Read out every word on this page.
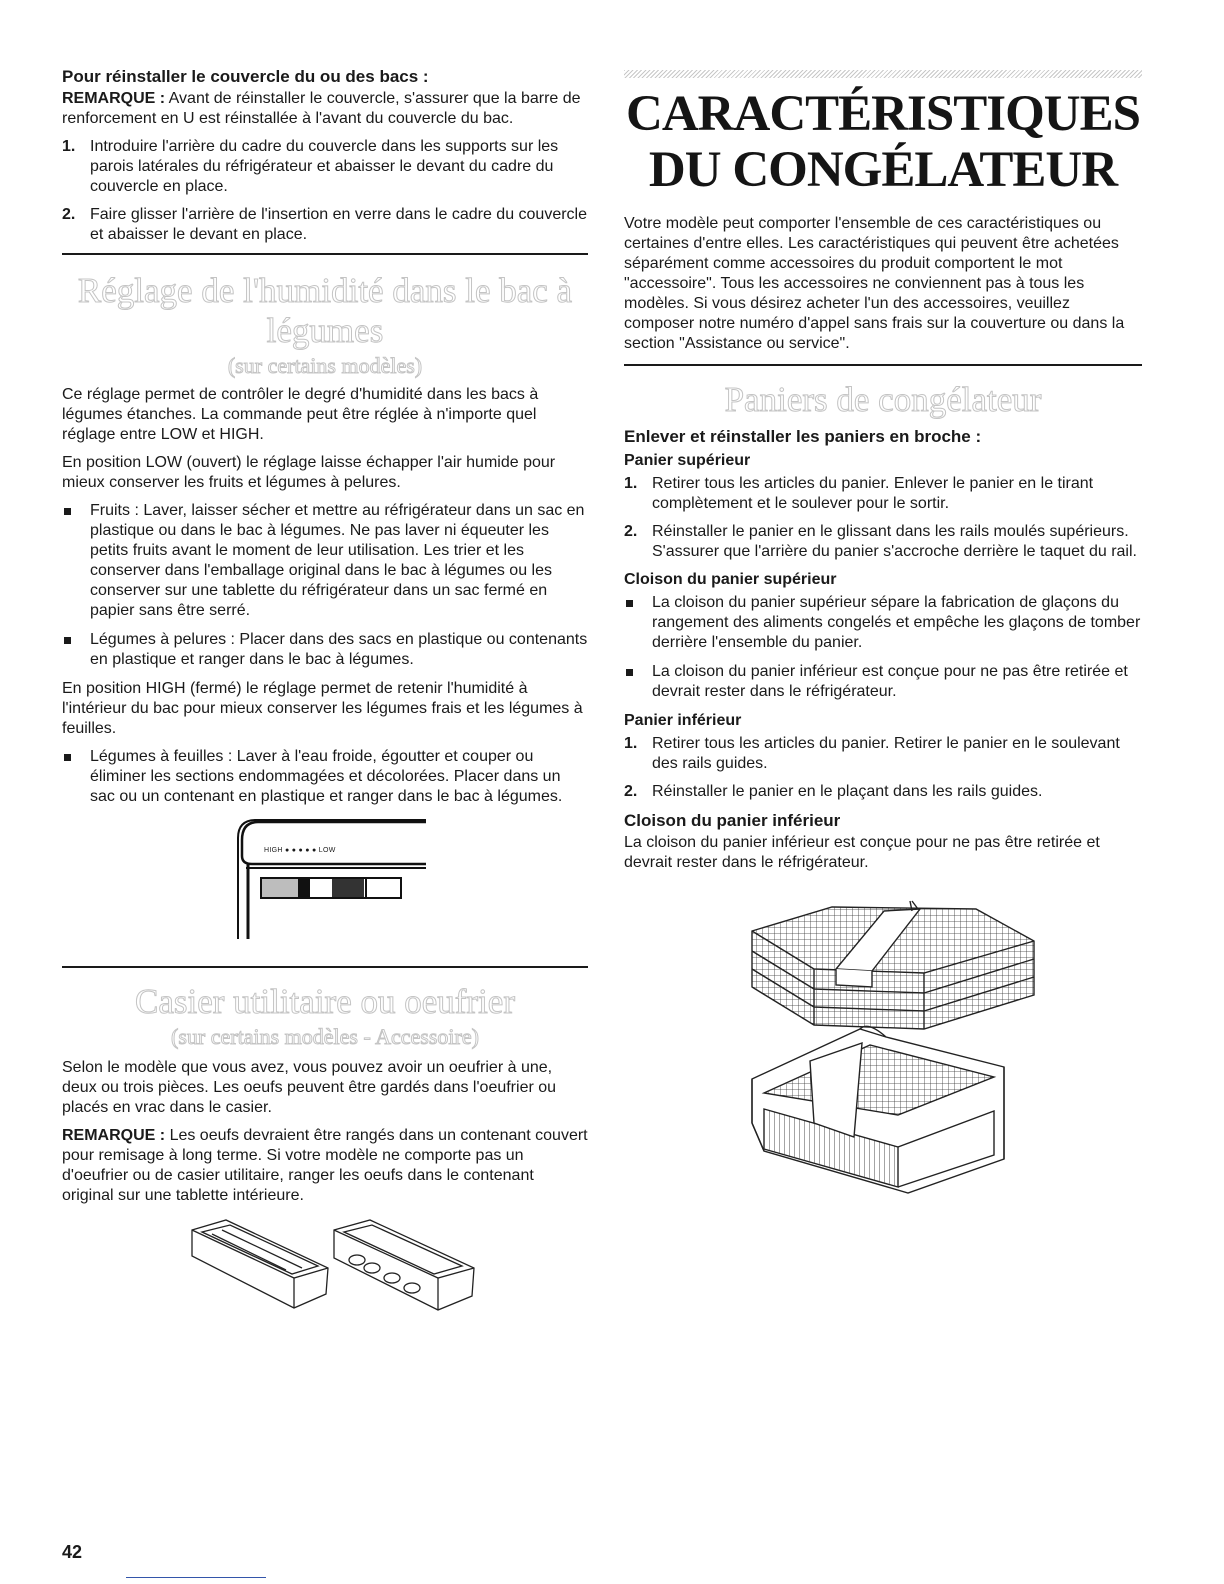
Pour réinstaller le couvercle du ou des bacs :

REMARQUE : Avant de réinstaller le couvercle, s'assurer que la barre de renforcement en U est réinstallée à l'avant du couvercle du bac.

1. Introduire l'arrière du cadre du couvercle dans les supports sur les parois latérales du réfrigérateur et abaisser le devant du cadre du couvercle en place.
2. Faire glisser l'arrière de l'insertion en verre dans le cadre du couvercle et abaisser le devant en place.
Réglage de l'humidité dans le bac à légumes
(sur certains modèles)

Ce réglage permet de contrôler le degré d'humidité dans les bacs à légumes étanches. La commande peut être réglée à n'importe quel réglage entre LOW et HIGH.

En position LOW (ouvert) le réglage laisse échapper l'air humide pour mieux conserver les fruits et légumes à pelures.

Fruits : Laver, laisser sécher et mettre au réfrigérateur dans un sac en plastique ou dans le bac à légumes. Ne pas laver ni équeuter les petits fruits avant le moment de leur utilisation. Les trier et les conserver dans l'emballage original dans le bac à légumes ou les conserver sur une tablette du réfrigérateur dans un sac fermé en papier sans être serré.
Légumes à pelures : Placer dans des sacs en plastique ou contenants en plastique et ranger dans le bac à légumes.

En position HIGH (fermé) le réglage permet de retenir l'humidité à l'intérieur du bac pour mieux conserver les légumes frais et les légumes à feuilles.

Légumes à feuilles : Laver à l'eau froide, égoutter et couper ou éliminer les sections endommagées et décolorées. Placer dans un sac ou un contenant en plastique et ranger dans le bac à légumes.
HIGH ● ● ● ● ● LOW
Casier utilitaire ou oeufrier
(sur certains modèles - Accessoire)

Selon le modèle que vous avez, vous pouvez avoir un oeufrier à une, deux ou trois pièces. Les oeufs peuvent être gardés dans l'oeufrier ou placés en vrac dans le casier.

REMARQUE : Les oeufs devraient être rangés dans un contenant couvert pour remisage à long terme. Si votre modèle ne comporte pas un d'oeufrier ou de casier utilitaire, ranger les oeufs dans le contenant original sur une tablette intérieure.

CARACTÉRISTIQUES
DU CONGÉLATEUR

Votre modèle peut comporter l'ensemble de ces caractéristiques ou certaines d'entre elles. Les caractéristiques qui peuvent être achetées séparément comme accessoires du produit comportent le mot "accessoire". Tous les accessoires ne conviennent pas à tous les modèles. Si vous désirez acheter l'un des accessoires, veuillez composer notre numéro d'appel sans frais sur la couverture ou dans la section "Assistance ou service".

Paniers de congélateur
Enlever et réinstaller les paniers en broche :
Panier supérieur
1. Retirer tous les articles du panier. Enlever le panier en le tirant complètement et le soulever pour le sortir.
2. Réinstaller le panier en le glissant dans les rails moulés supérieurs. S'assurer que l'arrière du panier s'accroche derrière le taquet du rail.
Cloison du panier supérieur
La cloison du panier supérieur sépare la fabrication de glaçons du rangement des aliments congelés et empêche les glaçons de tomber derrière l'ensemble du panier.
La cloison du panier inférieur est conçue pour ne pas être retirée et devrait rester dans le réfrigérateur.
Panier inférieur
1. Retirer tous les articles du panier. Retirer le panier en le soulevant des rails guides.
2. Réinstaller le panier en le plaçant dans les rails guides.
Cloison du panier inférieur

La cloison du panier inférieur est conçue pour ne pas être retirée et devrait rester dans le réfrigérateur.

42
